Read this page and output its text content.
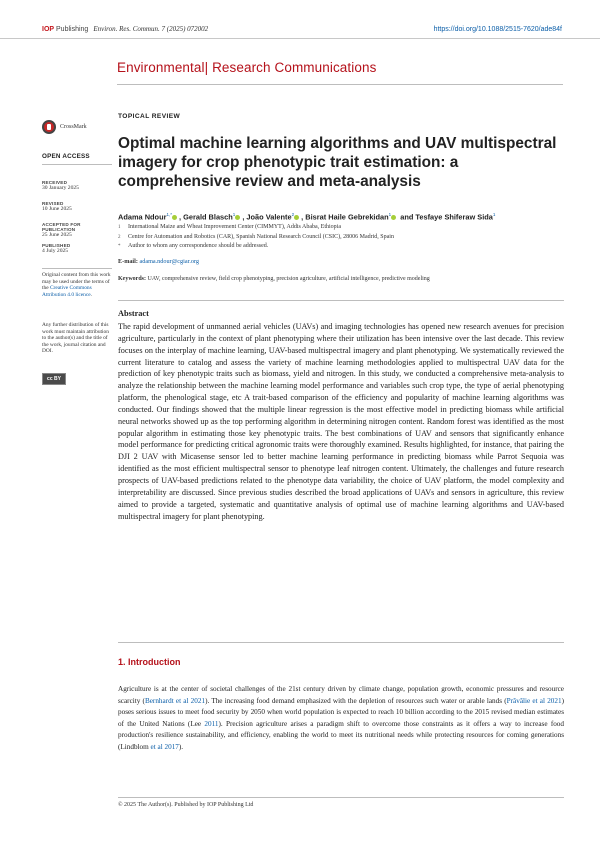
IOP Publishing Environ. Res. Commun. 7 (2025) 072002	https://doi.org/10.1088/2515-7620/ade84f
Environmental| Research Communications
CrossMark
OPEN ACCESS
RECEIVED
30 January 2025
REVISED
10 June 2025
ACCEPTED FOR PUBLICATION
25 June 2025
PUBLISHED
4 July 2025
Original content from this work may be used under the terms of the Creative Commons Attribution 4.0 licence.
Any further distribution of this work must maintain attribution to the author(s) and the title of the work, journal citation and DOI.
cc BY
TOPICAL REVIEW
Optimal machine learning algorithms and UAV multispectral imagery for crop phenotypic trait estimation: a comprehensive review and meta-analysis
Adama Ndour$^{1,*}$ , Gerald Blasch$^1$ , João Valente$^2$ , Bisrat Haile Gebrekidan$^1$ and Tesfaye Shiferaw Sida$^1$
1 International Maize and Wheat Improvement Center (CIMMYT), Addis Ababa, Ethiopia
2 Centre for Automation and Robotics (CAR), Spanish National Research Council (CSIC), 28006 Madrid, Spain
* Author to whom any correspondence should be addressed.
E-mail: adama.ndour@cgiar.org
Keywords: UAV, comprehensive review, field crop phenotyping, precision agriculture, artificial intelligence, predictive modeling
Abstract

The rapid development of unmanned aerial vehicles (UAVs) and imaging technologies has opened new research avenues for precision agriculture, particularly in the context of plant phenotyping where their utilization has been intensive over the last decade. This review focuses on the interplay of machine learning, UAV-based multispectral imagery and plant phenotyping. We systematically reviewed the current literature to catalog and assess the variety of machine learning methodologies applied to multispectral UAV data for the prediction of key phenotypic traits such as biomass, yield and nitrogen. In this study, we conducted a comprehensive meta-analysis to analyze the relationship between the machine learning model performance and variables such crop type, the type of aerial phenotyping platform, the phenological stage, etc A trait-based comparison of the efficiency and popularity of machine learning algorithms was conducted. Our findings showed that the multiple linear regression is the most effective model in predicting biomass while artificial neural networks showed up as the top performing algorithm in determining nitrogen content. Random forest was identified as the most popular algorithm in estimating those key phenotypic traits. The best combinations of UAV and sensors that significantly enhance model performance for predicting critical agronomic traits were thoroughly examined. Results highlighted, for instance, that pairing the DJI 2 UAV with Micasense sensor led to better machine learning performance in predicting biomass while Parrot Sequoia was identified as the most efficient multispectral sensor to phenotype leaf nitrogen content. Ultimately, the challenges and future research prospects of UAV-based predictions related to the phenotype data variability, the choice of UAV platform, the model complexity and interpretability are discussed. Since previous studies described the broad applications of UAVs and sensors in agriculture, this review aimed to provide a targeted, systematic and quantitative analysis of optimal use of machine learning algorithms and UAV-based multispectral imagery for plant phenotyping.

1. Introduction

Agriculture is at the center of societal challenges of the 21st century driven by climate change, population growth, economic pressures and resource scarcity (Bernhardt et al 2021). The increasing food demand emphasized with the depletion of resources such water or arable lands (Prăvălie et al 2021) poses serious issues to meet food security by 2050 when world population is expected to reach 10 billion according to the 2015 revised median estimates of the United Nations (Lee 2011). Precision agriculture arises a paradigm shift to overcome those constraints as it offers a way to increase food production's resilience sustainability, and efficiency, enabling the world to meet its nutritional needs while protecting resources for coming generations (Lindblom et al 2017).

© 2025 The Author(s). Published by IOP Publishing Ltd
